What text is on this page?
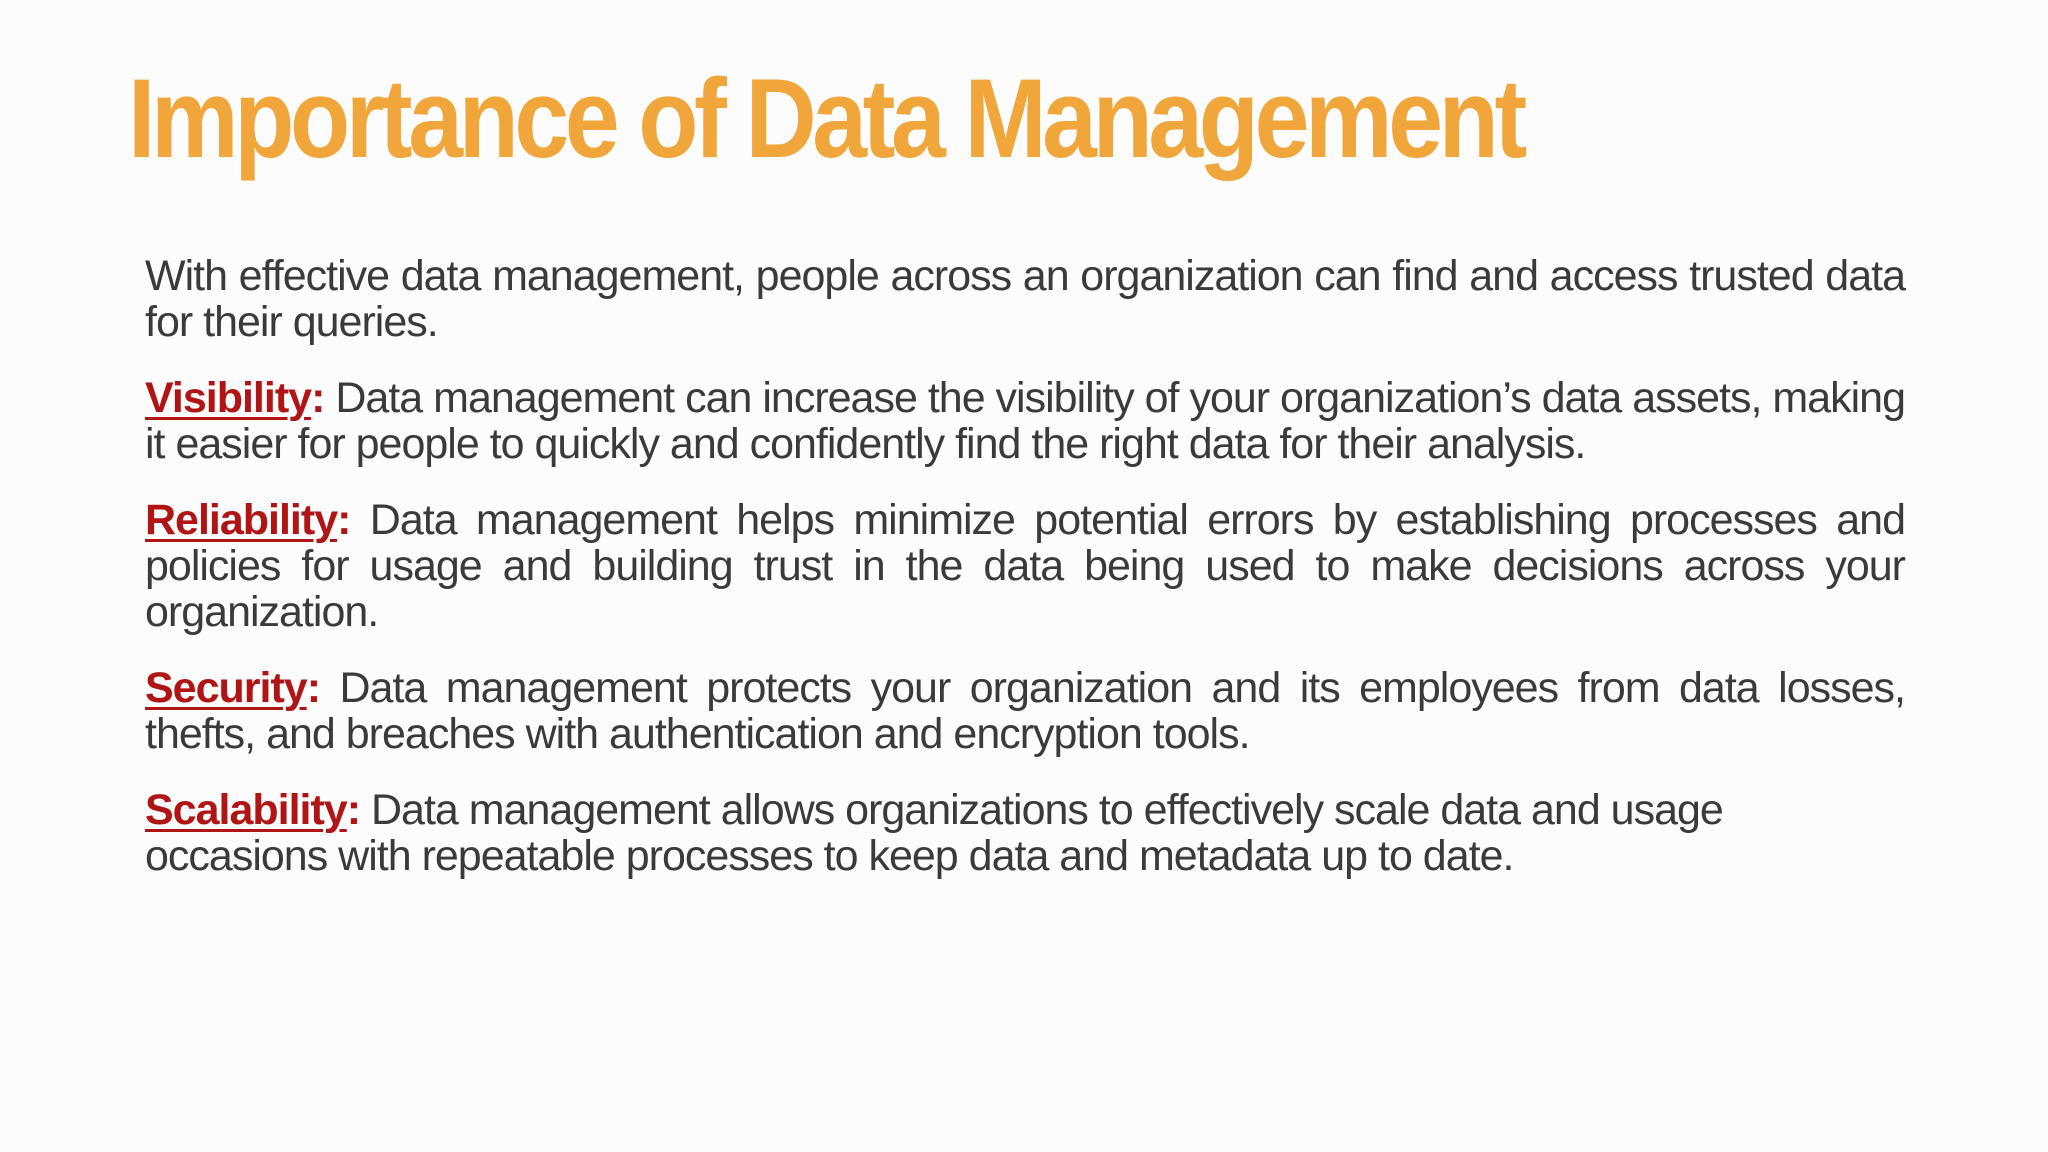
Importance of Data Management

With effective data management, people across an organization can find and access trusted data for their queries.

Visibility: Data management can increase the visibility of your organization’s data assets, making it easier for people to quickly and confidently find the right data for their analysis.

Reliability: Data management helps minimize potential errors by establishing processes and policies for usage and building trust in the data being used to make decisions across your organization.

Security: Data management protects your organization and its employees from data losses, thefts, and breaches with authentication and encryption tools.

Scalability: Data management allows organizations to effectively scale data and usage occasions with repeatable processes to keep data and metadata up to date.
